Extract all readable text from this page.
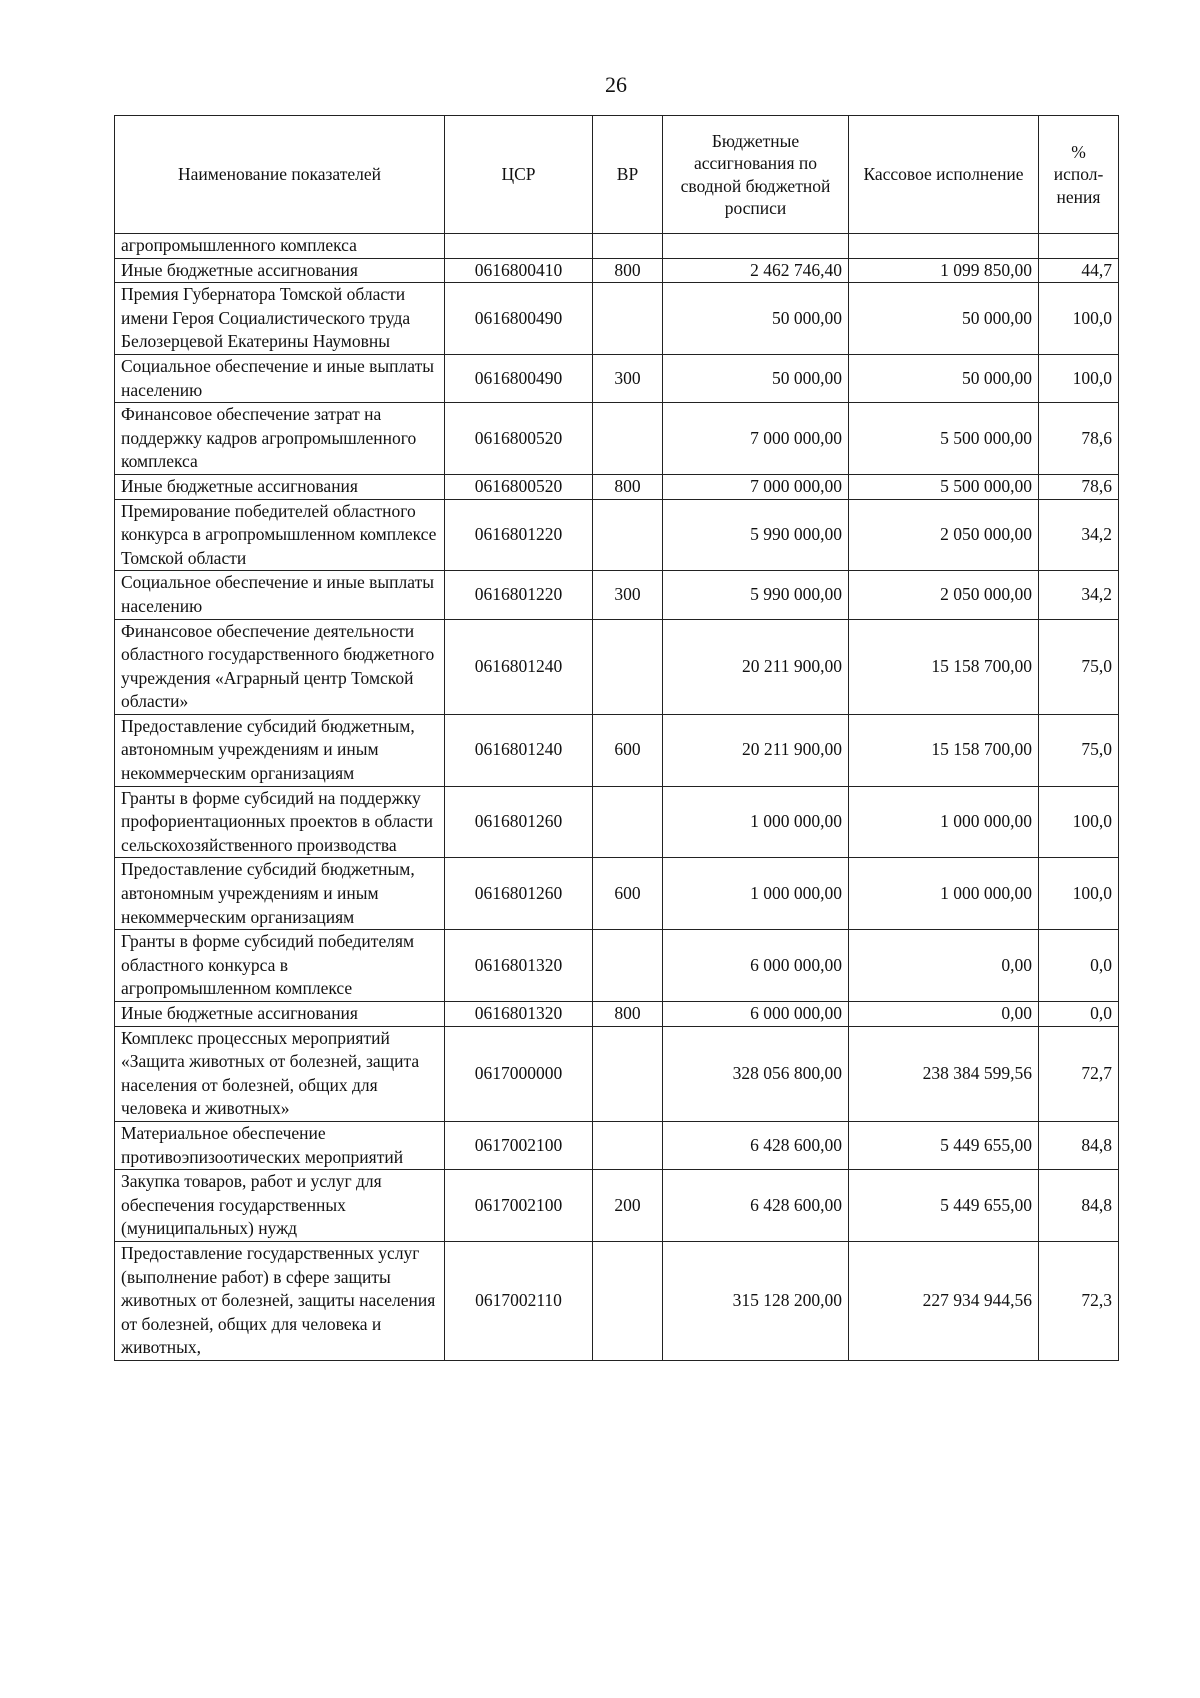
26
Наименование показателей	ЦСР	ВР	Бюджетные ассигнования по сводной бюджетной росписи	Кассовое исполнение	% испол-нения
агропромышленного комплекса					
Иные бюджетные ассигнования	0616800410	800	2 462 746,40	1 099 850,00	44,7
Премия Губернатора Томской области имени Героя Социалистического труда Белозерцевой Екатерины Наумовны	0616800490		50 000,00	50 000,00	100,0
Социальное обеспечение и иные выплаты населению	0616800490	300	50 000,00	50 000,00	100,0
Финансовое обеспечение затрат на поддержку кадров агропромышленного комплекса	0616800520		7 000 000,00	5 500 000,00	78,6
Иные бюджетные ассигнования	0616800520	800	7 000 000,00	5 500 000,00	78,6
Премирование победителей областного конкурса в агропромышленном комплексе Томской области	0616801220		5 990 000,00	2 050 000,00	34,2
Социальное обеспечение и иные выплаты населению	0616801220	300	5 990 000,00	2 050 000,00	34,2
Финансовое обеспечение деятельности областного государственного бюджетного учреждения «Аграрный центр Томской области»	0616801240		20 211 900,00	15 158 700,00	75,0
Предоставление субсидий бюджетным, автономным учреждениям и иным некоммерческим организациям	0616801240	600	20 211 900,00	15 158 700,00	75,0
Гранты в форме субсидий на поддержку профориентационных проектов в области сельскохозяйственного производства	0616801260		1 000 000,00	1 000 000,00	100,0
Предоставление субсидий бюджетным, автономным учреждениям и иным некоммерческим организациям	0616801260	600	1 000 000,00	1 000 000,00	100,0
Гранты в форме субсидий победителям областного конкурса в агропромышленном комплексе	0616801320		6 000 000,00	0,00	0,0
Иные бюджетные ассигнования	0616801320	800	6 000 000,00	0,00	0,0
Комплекс процессных мероприятий «Защита животных от болезней, защита населения от болезней, общих для человека и животных»	0617000000		328 056 800,00	238 384 599,56	72,7
Материальное обеспечение противоэпизоотических мероприятий	0617002100		6 428 600,00	5 449 655,00	84,8
Закупка товаров, работ и услуг для обеспечения государственных (муниципальных) нужд	0617002100	200	6 428 600,00	5 449 655,00	84,8
Предоставление государственных услуг (выполнение работ) в сфере защиты животных от болезней, защиты населения от болезней, общих для человека и животных,	0617002110		315 128 200,00	227 934 944,56	72,3
